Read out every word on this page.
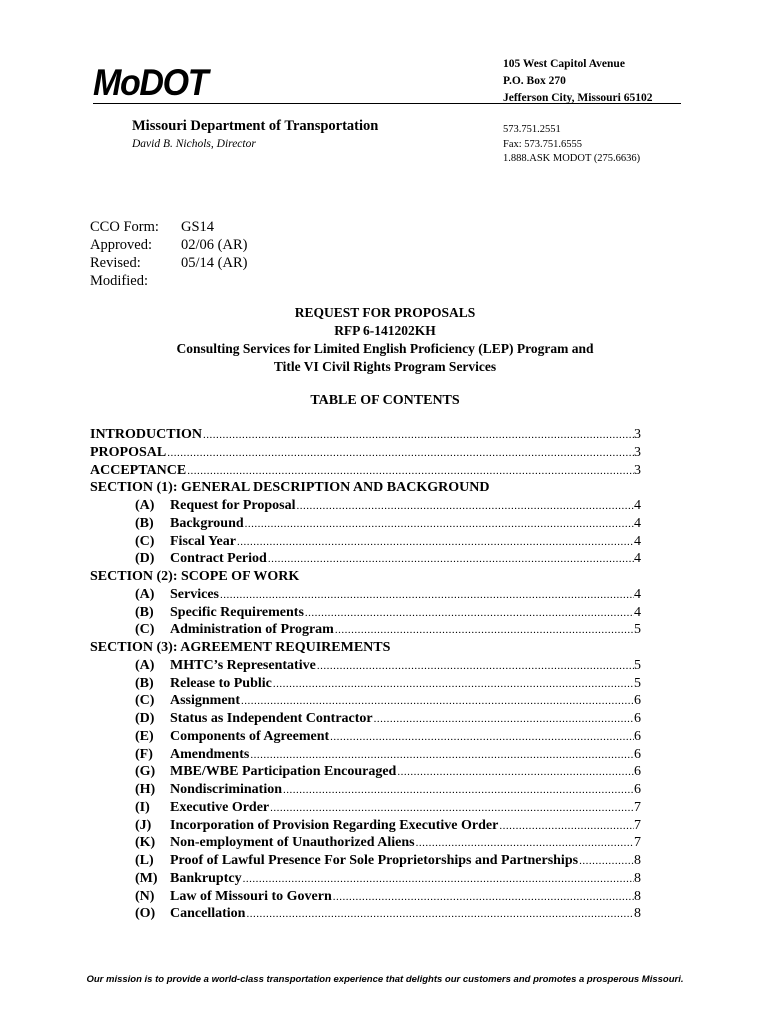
MoDOT	105 West Capitol Avenue
P.O. Box 270
Jefferson City, Missouri 65102
Missouri Department of Transportation
David B. Nichols, Director
573.751.2551
Fax: 573.751.6555
1.888.ASK MODOT (275.6636)
CCO Form:	GS14
Approved:	02/06 (AR)
Revised:	05/14 (AR)
Modified:
REQUEST FOR PROPOSALS
RFP 6-141202KH
Consulting Services for Limited English Proficiency (LEP) Program and
Title VI Civil Rights Program Services
TABLE OF CONTENTS
INTRODUCTION .....	3
PROPOSAL .....	3
ACCEPTANCE .....	3
SECTION (1): GENERAL DESCRIPTION AND BACKGROUND
(A)	Request for Proposal .....	4
(B)	Background .....	4
(C)	Fiscal Year .....	4
(D)	Contract Period .....	4
SECTION (2): SCOPE OF WORK
(A)	Services .....	4
(B)	Specific Requirements .....	4
(C)	Administration of Program .....	5
SECTION (3): AGREEMENT REQUIREMENTS
(A)	MHTC’s Representative .....	5
(B)	Release to Public .....	5
(C)	Assignment .....	6
(D)	Status as Independent Contractor .....	6
(E)	Components of Agreement .....	6
(F)	Amendments .....	6
(G)	MBE/WBE Participation Encouraged .....	6
(H)	Nondiscrimination .....	6
(I)	Executive Order .....	7
(J)	Incorporation of Provision Regarding Executive Order .....	7
(K)	Non-employment of Unauthorized Aliens .....	7
(L)	Proof of Lawful Presence For Sole Proprietorships and Partnerships .....	8
(M) Bankruptcy .....	8
(N)	Law of Missouri to Govern .....	8
(O)	Cancellation .....	8
Our mission is to provide a world-class transportation experience that delights our customers and promotes a prosperous Missouri.
